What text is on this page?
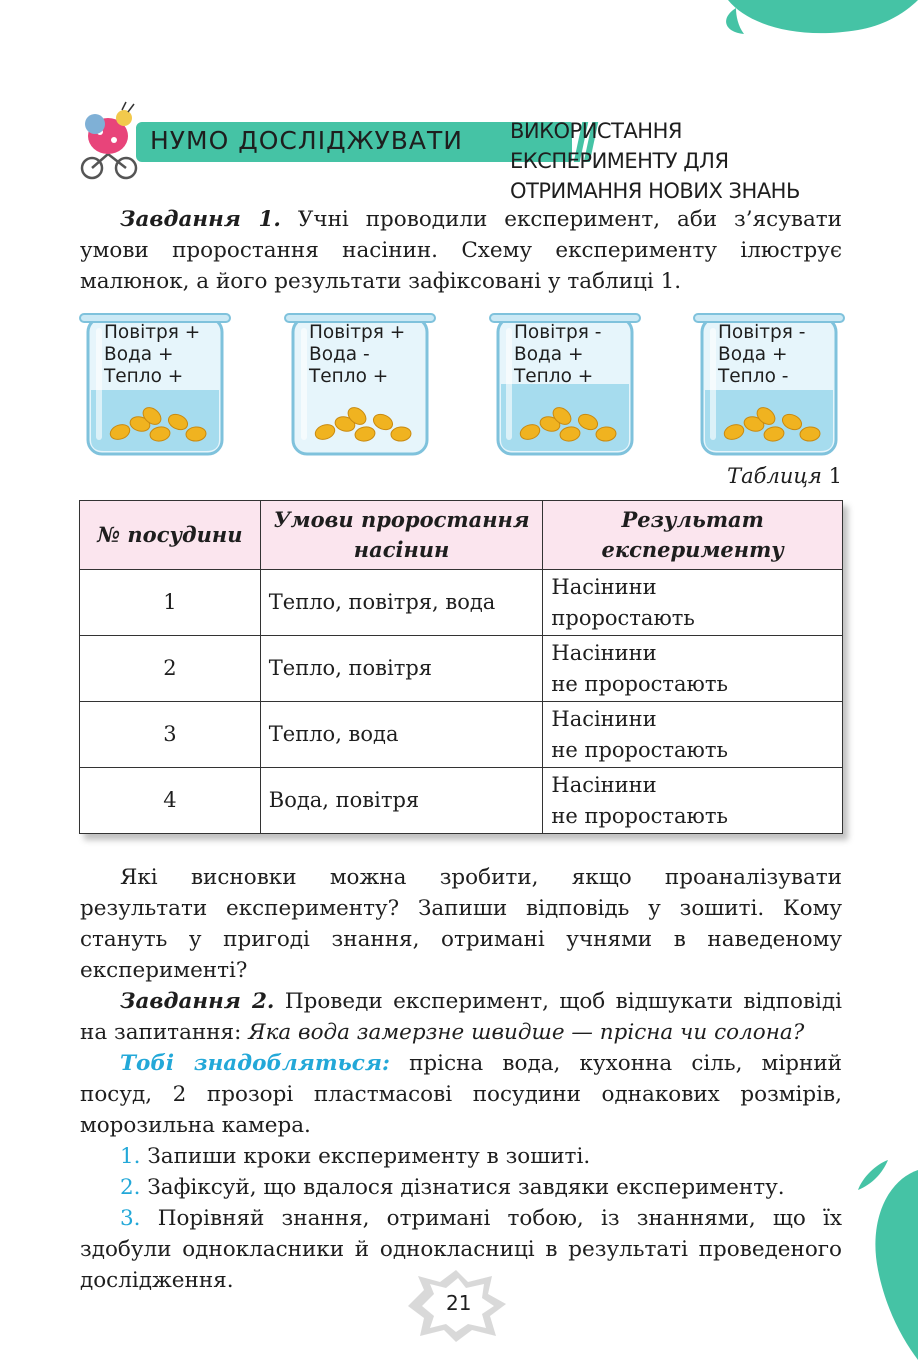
НУМО ДОСЛІДЖУВАТИ ВИКОРИСТАННЯ
ЕКСПЕРИМЕНТУ ДЛЯ
ОТРИМАННЯ НОВИХ ЗНАНЬ

Завдання 1. Учні проводили експеримент, аби з’ясувати умови проростання насінин. Схему експерименту ілюструє малюнок, а його результати зафіксовані у таблиці 1.

Повітря +
Вода +
Тепло +
Повітря +
Вода -
Тепло +
Повітря -
Вода +
Тепло +
Повітря -
Вода +
Тепло -
Таблиця 1
№ посудини	Умови проростання насінин	Результат експерименту
1	Тепло, повітря, вода	Насінини
проростають

2	Тепло, повітря	Насінини
не проростають

3	Тепло, вода	Насінини
не проростають

4	Вода, повітря	Насінини
не проростають

Які висновки можна зробити, якщо проаналізувати результати експерименту? Запиши відповідь у зошиті. Кому стануть у пригоді знання, отримані учнями в наведеному експерименті?

Завдання 2. Проведи експеримент, щоб відшукати відповіді на запитання: Яка вода замерзне швидше — прісна чи солона?

Тобі знадобляться: прісна вода, кухонна сіль, мірний посуд, 2 прозорі пластмасові посудини однакових розмірів, морозильна камера.

1. Запиши кроки експерименту в зошиті.

2. Зафіксуй, що вдалося дізнатися завдяки експерименту.

3. Порівняй знання, отримані тобою, із знаннями, що їх здобули однокласники й однокласниці в результаті проведеного дослідження.

21
